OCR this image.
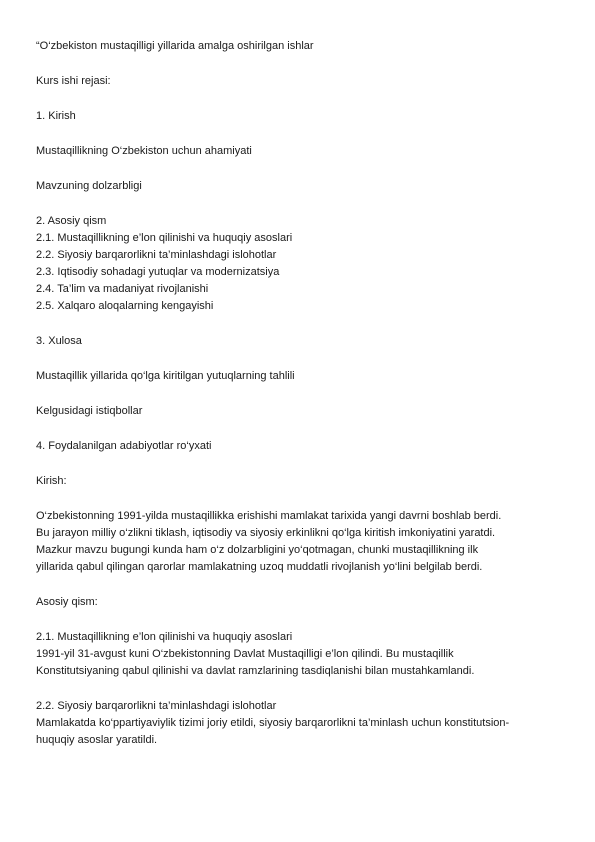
“O‘zbekiston mustaqilligi yillarida amalga oshirilgan ishlar
Kurs ishi rejasi:
1. Kirish
Mustaqillikning O‘zbekiston uchun ahamiyati
Mavzuning dolzarbligi
2. Asosiy qism
2.1. Mustaqillikning e’lon qilinishi va huquqiy asoslari
2.2. Siyosiy barqarorlikni ta’minlashdagi islohotlar
2.3. Iqtisodiy sohadagi yutuqlar va modernizatsiya
2.4. Ta’lim va madaniyat rivojlanishi
2.5. Xalqaro aloqalarning kengayishi
3. Xulosa
Mustaqillik yillarida qo‘lga kiritilgan yutuqlarning tahlili
Kelgusidagi istiqbollar
4. Foydalanilgan adabiyotlar ro‘yxati
Kirish:
O‘zbekistonning 1991-yilda mustaqillikka erishishi mamlakat tarixida yangi davrni boshlab berdi.
Bu jarayon milliy o‘zlikni tiklash, iqtisodiy va siyosiy erkinlikni qo‘lga kiritish imkoniyatini yaratdi.
Mazkur mavzu bugungi kunda ham o‘z dolzarbligini yo‘qotmagan, chunki mustaqillikning ilk
yillarida qabul qilingan qarorlar mamlakatning uzoq muddatli rivojlanish yo‘lini belgilab berdi.
Asosiy qism:
2.1. Mustaqillikning e’lon qilinishi va huquqiy asoslari
1991-yil 31-avgust kuni O‘zbekistonning Davlat Mustaqilligi e’lon qilindi. Bu mustaqillik
Konstitutsiyaning qabul qilinishi va davlat ramzlarining tasdiqlanishi bilan mustahkamlandi.
2.2. Siyosiy barqarorlikni ta’minlashdagi islohotlar
Mamlakatda ko‘ppartiyaviylik tizimi joriy etildi, siyosiy barqarorlikni ta’minlash uchun konstitutsion-
huquqiy asoslar yaratildi.
